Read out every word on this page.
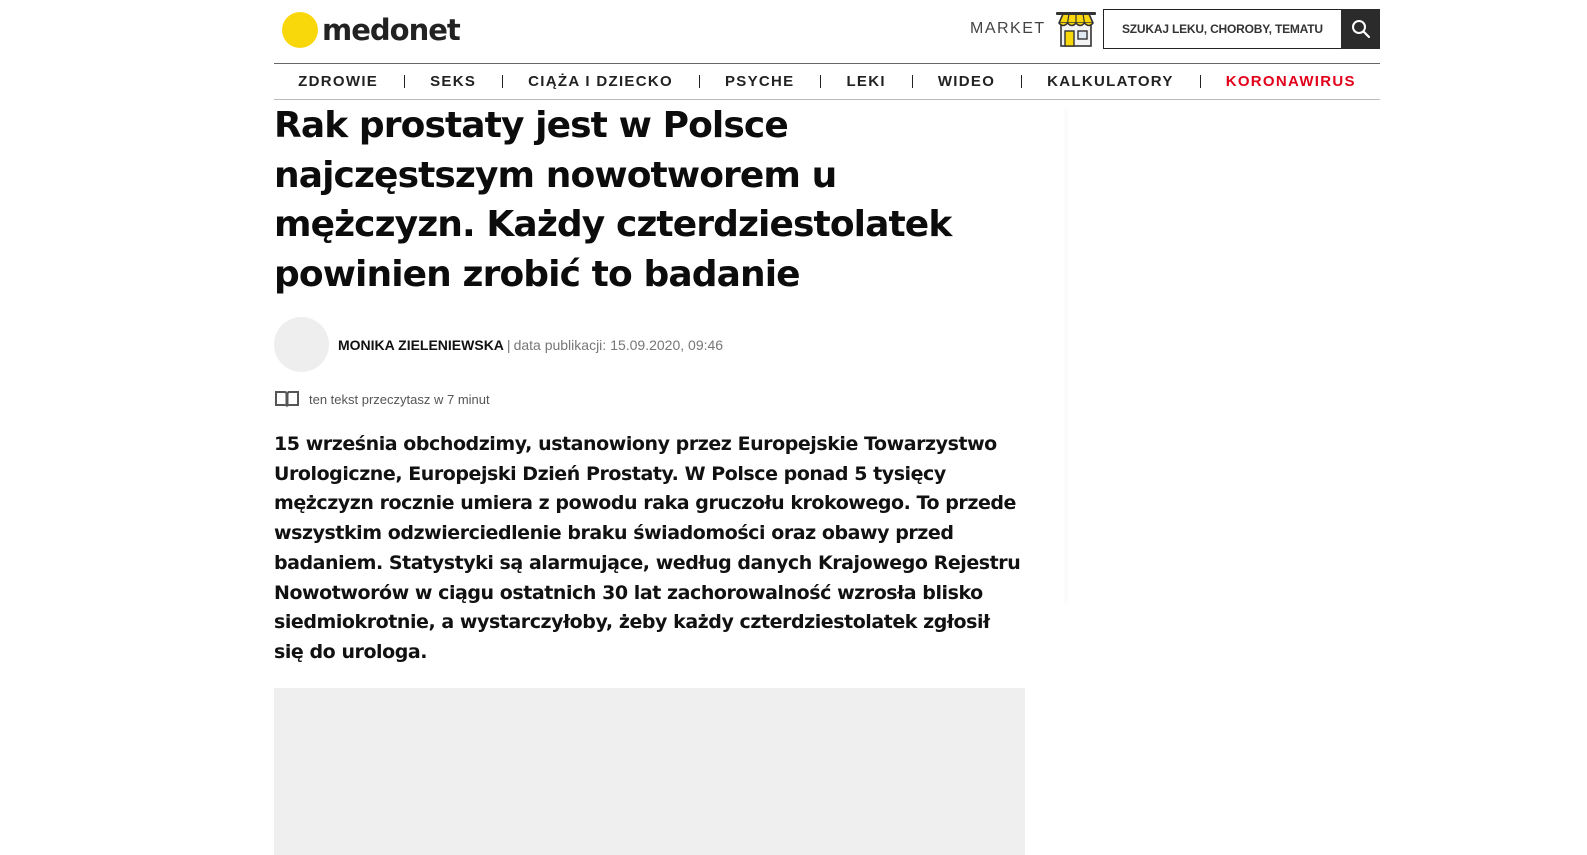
medonet	MARKET
SZUKAJ LEKU, CHOROBY, TEMATU...
ZDROWIE	SEKS	CIĄŻA I DZIECKO	PSYCHE	LEKI	WIDEO	KALKULATORY	KORONAWIRUS
Rak prostaty jest w Polsce najczęstszym nowotworem u mężczyzn. Każdy czterdziestolatek powinien zrobić to badanie
MONIKA ZIELENIEWSKA | data publikacji: 15.09.2020, 09:46
ten tekst przeczytasz w 7 minut

15 września obchodzimy, ustanowiony przez Europejskie Towarzystwo Urologiczne, Europejski Dzień Prostaty. W Polsce ponad 5 tysięcy mężczyzn rocznie umiera z powodu raka gruczołu krokowego. To przede wszystkim odzwierciedlenie braku świadomości oraz obawy przed badaniem. Statystyki są alarmujące, według danych Krajowego Rejestru Nowotworów w ciągu ostatnich 30 lat zachorowalność wzrosła blisko siedmiokrotnie, a wystarczyłoby, żeby każdy czterdziestolatek zgłosił się do urologa.
